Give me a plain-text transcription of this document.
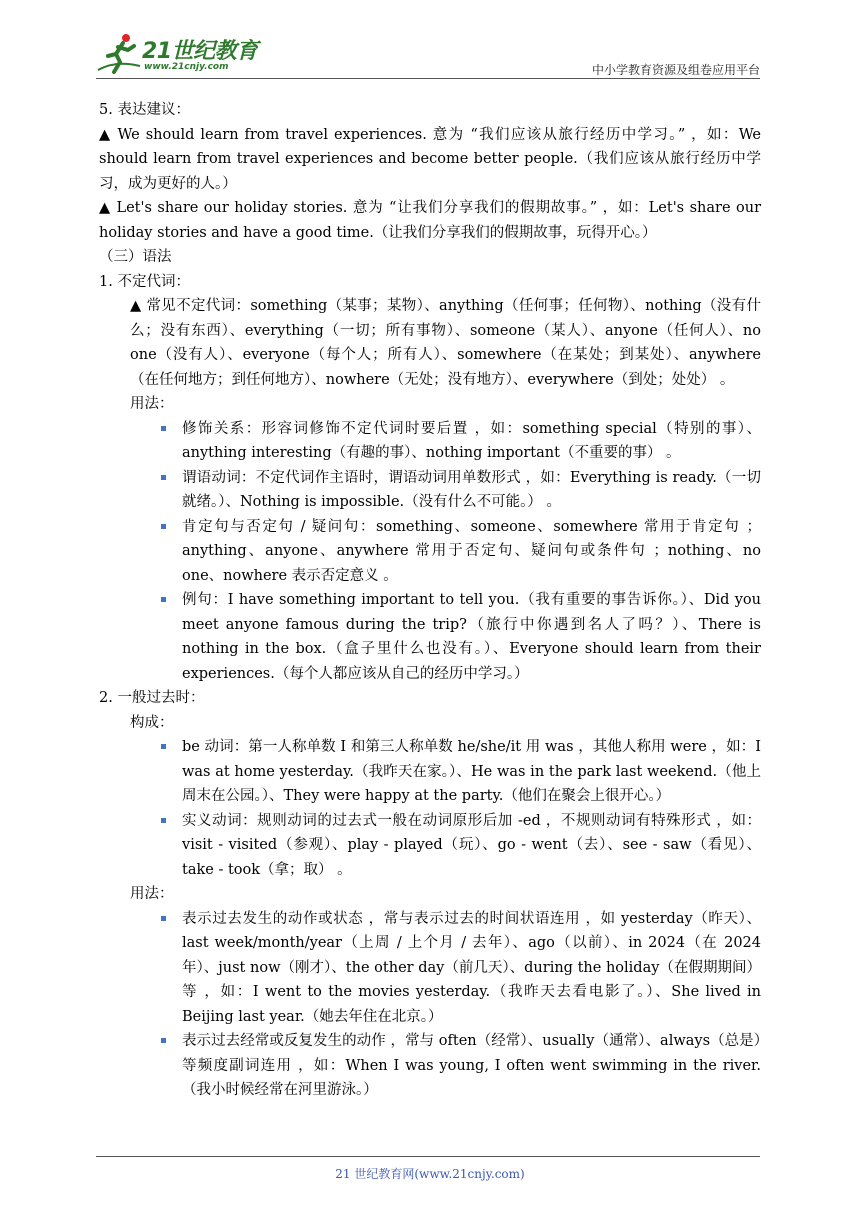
21世纪教育
www.21cnjy.com	中小学教育资源及组卷应用平台
5. 表达建议：
▲ We should learn from travel experiences. 意为 “我们应该从旅行经历中学习。” ，如：We should learn from travel experiences and become better people.（我们应该从旅行经历中学习，成为更好的人。）
▲ Let's share our holiday stories. 意为 “让我们分享我们的假期故事。” ，如：Let's share our holiday stories and have a good time.（让我们分享我们的假期故事，玩得开心。）
（三）语法
1. 不定代词：
▲ 常见不定代词：something（某事；某物）、anything（任何事；任何物）、nothing（没有什么；没有东西）、everything（一切；所有事物）、someone（某人）、anyone（任何人）、no one（没有人）、everyone（每个人；所有人）、somewhere（在某处；到某处）、anywhere（在任何地方；到任何地方）、nowhere（无处；没有地方）、everywhere（到处；处处） 。
用法：
修饰关系：形容词修饰不定代词时要后置 ，如：something special（特别的事）、anything interesting（有趣的事）、nothing important（不重要的事） 。
谓语动词：不定代词作主语时，谓语动词用单数形式 ，如：Everything is ready.（一切就绪。）、Nothing is impossible.（没有什么不可能。） 。
肯定句与否定句 / 疑问句：something、someone、somewhere 常用于肯定句 ；anything、anyone、anywhere 常用于否定句、疑问句或条件句 ；nothing、no one、nowhere 表示否定意义 。
例句：I have something important to tell you.（我有重要的事告诉你。）、Did you meet anyone famous during the trip?（旅行中你遇到名人了吗？）、There is nothing in the box.（盒子里什么也没有。）、Everyone should learn from their experiences.（每个人都应该从自己的经历中学习。）
2. 一般过去时：
构成：
be 动词：第一人称单数 I 和第三人称单数 he/she/it 用 was ，其他人称用 were ，如：I was at home yesterday.（我昨天在家。）、He was in the park last weekend.（他上周末在公园。）、They were happy at the party.（他们在聚会上很开心。）
实义动词：规则动词的过去式一般在动词原形后加 -ed ，不规则动词有特殊形式 ，如：visit - visited（参观）、play - played（玩）、go - went（去）、see - saw（看见）、take - took（拿；取） 。
用法：
表示过去发生的动作或状态 ，常与表示过去的时间状语连用 ，如 yesterday（昨天）、last week/month/year（上周 / 上个月 / 去年）、ago（以前）、in 2024（在 2024 年）、just now（刚才）、the other day（前几天）、during the holiday（在假期期间）等 ，如：I went to the movies yesterday.（我昨天去看电影了。）、She lived in Beijing last year.（她去年住在北京。）
表示过去经常或反复发生的动作 ，常与 often（经常）、usually（通常）、always（总是）等频度副词连用 ，如：When I was young, I often went swimming in the river.（我小时候经常在河里游泳。）
21 世纪教育网(www.21cnjy.com)
